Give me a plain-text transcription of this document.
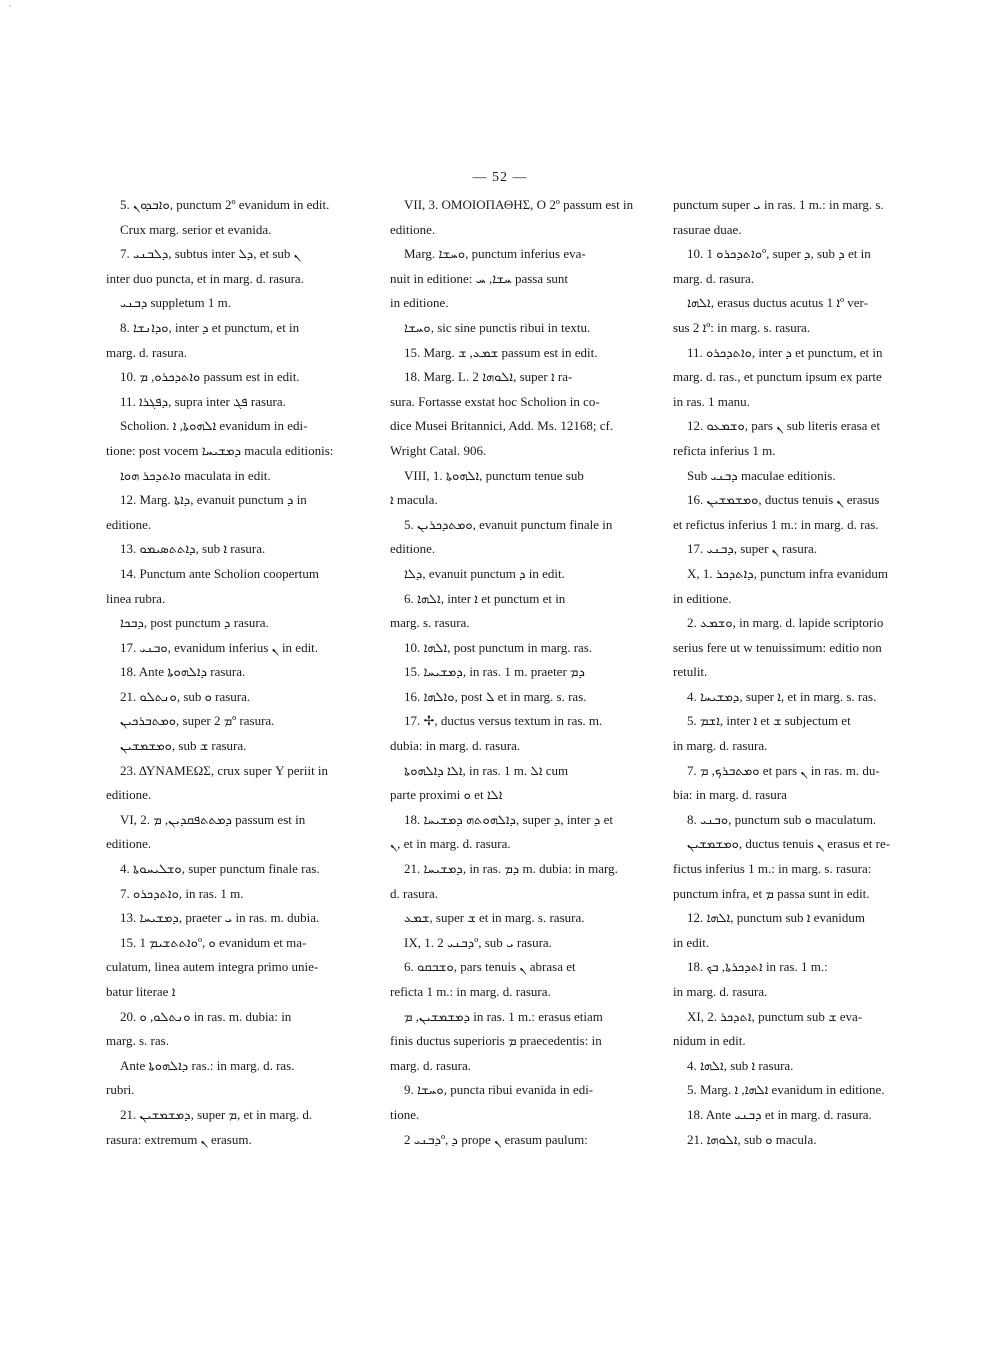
˙
— 52 —
5. ܘܐܒܕܘܢ, punctum 2º evanidum in edit.
Crux marg. serior et evanida.
7. ܕܠܒܢܝ, subtus inter ܕܠ, et sub ܢ
inter duo puncta, et in marg. d. rasura.
ܕܒܢܝ suppletum 1 m.
8. ܘܕܐܢܫܐ, inter ܕ et punctum, et in
marg. d. rasura.
10. ܘܐܬܕܟܪܘ, ܡ passum est in edit.
11. ܕܦܓܪܐ, supra inter ܦܓ rasura.
Scholion. ܐܠܗܘܬܐ, ܐ evanidum in edi-
tione: post vocem ܕܡܫܝܚܐ macula editionis:
ܘܐܬܕܟܪ ܗܘܐ maculata in edit.
12. Marg. ܕܐܬܐ, evanuit punctum ܕ in
editione.
13. ܕܐܬܬܣܝܡܘ, sub ܐ rasura.
14. Punctum ante Scholion coopertum
linea rubra.
ܕܒܟܐ, post punctum ܕ rasura.
17. ܘܒܢܝ, evanidum inferius ܢ in edit.
18. Ante ܕܐܠܗܘܬܐ rasura.
21. ܘܢܬܠܘ, sub ܘ rasura.
ܘܡܬܒܪܟܝܢ, super ܡ 2º rasura.
ܘܡܫܡܫܝܢ, sub ܫ rasura.
23. ΔΥΝΑΜΕΩΣ, crux super Υ periit in
editione.
VI, 2. ܕܡܬܬܦܩܕܝܢ, ܡ passum est in
editione.
4. ܘܫܠܝܚܘܬܐ, super punctum finale ras.
7. ܘܐܬܕܟܪܘ, in ras. 1 m.
13. ܕܡܫܝܚܐ, praeter ܝ in ras. m. dubia.
15. ܘܐܬܬܫܝܡ 1º, ܘ evanidum et ma-
culatum, linea autem integra primo unie-
batur literae ܐ
20. ܘܢܬܠܘ, ܘ in ras. m. dubia: in
marg. s. ras.
Ante ܕܐܠܗܘܬܐ ras.: in marg. d. ras.
rubri.
21. ܕܡܫܡܫܝܢ, super ܡ, et in marg. d.
rasura: extremum ܢ erasum.
VII, 3. ΟΜΟΙΟΠΑΘΗΣ, Ο 2º passum est in
editione.
Marg. ܘܚܫܐ, punctum inferius eva-
nuit in editione: ܚܫܐ, ܚ passa sunt
in editione.
ܘܚܫܐ, sic sine punctis ribui in textu.
15. Marg. ܫܡܥ, ܫ passum est in edit.
18. Marg. L. 2 ܐܠܘܗܐ, super ܐ ra-
sura. Fortasse exstat hoc Scholion in co-
dice Musei Britannici, Add. Ms. 12168; cf.
Wright Catal. 906.
VIII, 1. ܐܠܗܘܬܐ, punctum tenue sub
ܐ macula.
5. ܘܡܬܕܟܪܝܢ, evanuit punctum finale in
editione.
ܕܠܐ, evanuit punctum ܕ in edit.
6. ܐܠܗܐ, inter ܐ et punctum et in
marg. s. rasura.
10. ܐܠܗܐ, post punctum in marg. ras.
15. ܕܡܫܝܚܐ, in ras. 1 m. praeter ܕܡ
16. ܘܐܠܗܐ, post ܠ et in marg. s. ras.
17. ✢, ductus versus textum in ras. m.
dubia: in marg. d. rasura.
ܐܠܐ ܕܐܠܗܘܬܐ, in ras. 1 m. ܐܠ cum
parte proximi ܘ et ܐܠܐ
18. ܕܐܠܗܘܬܗ ܕܡܫܝܚܐ, super ܕ, inter ܕ et
ܢ, et in marg. d. rasura.
21. ܕܡܫܝܚܐ, in ras. ܕܡ m. dubia: in marg.
d. rasura.
ܫܡܥ, super ܫ et in marg. s. rasura.
IX, 1. ܕܒܢܝ 2º, sub ܝ rasura.
6. ܘܫܒܩܘ, pars tenuis ܢ abrasa et
reficta 1 m.: in marg. d. rasura.
ܕܡܫܡܫܝܢ, ܡ in ras. 1 m.: erasus etiam
finis ductus superioris ܡ praecedentis: in
marg. d. rasura.
9. ܘܚܫܐ, puncta ribui evanida in edi-
tione.
ܕܒܢܝ 2º, ܕ prope ܢ erasum paulum:
punctum super ܝ in ras. 1 m.: in marg. s.
rasurae duae.
10. ܘܐܬܕܟܪܘ 1º, super ܕ, sub ܕ et in
marg. d. rasura.
ܐܠܗܐ, erasus ductus acutus ܐ 1º ver-
sus ܐ 2º: in marg. s. rasura.
11. ܘܐܬܕܟܪܘ, inter ܕ et punctum, et in
marg. d. ras., et punctum ipsum ex parte
in ras. 1 manu.
12. ܘܫܡܥܘ, pars ܢ sub literis erasa et
reficta inferius 1 m.
Sub ܕܒܢܝ maculae editionis.
16. ܘܡܫܡܫܝܢ, ductus tenuis ܢ erasus
et refictus inferius 1 m.: in marg. d. ras.
17. ܕܒܢܝ, super ܢ rasura.
X, 1. ܕܐܬܕܟܪ, punctum infra evanidum
in editione.
2. ܘܫܡܥ, in marg. d. lapide scriptorio
serius fere ut w tenuissimum: editio non
retulit.
4. ܕܡܫܝܚܐ, super ܐ, et in marg. s. ras.
5. ܐܫܡ, inter ܐ et ܫ subjectum et
in marg. d. rasura.
7. ܘܡܬܒܪܟ, ܡ et pars ܢ in ras. m. du-
bia: in marg. d. rasura
8. ܘܒܢܝ, punctum sub ܘ maculatum.
ܘܡܫܡܫܝܢ, ductus tenuis ܢ erasus et re-
fictus inferius 1 m.: in marg. s. rasura:
punctum infra, et ܡ passa sunt in edit.
12. ܐܠܗܐ, punctum sub ܐ evanidum
in edit.
18. ܐܬܕܟܪܬܐ, ܒܟ in ras. 1 m.:
in marg. d. rasura.
XI, 2. ܐܬܕܟܪ, punctum sub ܫ eva-
nidum in edit.
4. ܐܠܗܐ, sub ܐ rasura.
5. Marg. ܐܠܗܐ, ܐ evanidum in editione.
18. Ante ܕܒܢܝ et in marg. d. rasura.
21. ܐܠܘܗܐ, sub ܘ macula.
